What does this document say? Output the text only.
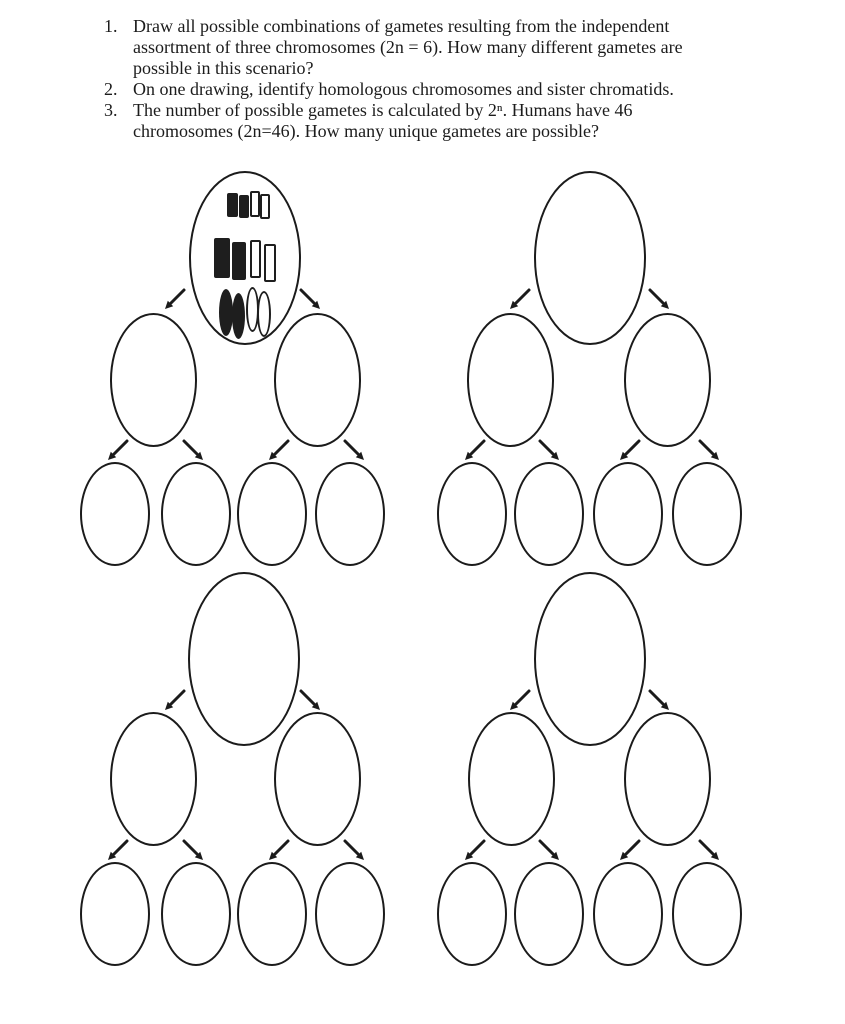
1. Draw all possible combinations of gametes resulting from the independent
assortment of three chromosomes (2n = 6). How many different gametes are
possible in this scenario?
2. On one drawing, identify homologous chromosomes and sister chromatids.
3. The number of possible gametes is calculated by 2ⁿ. Humans have 46
chromosomes (2n=46). How many unique gametes are possible?
